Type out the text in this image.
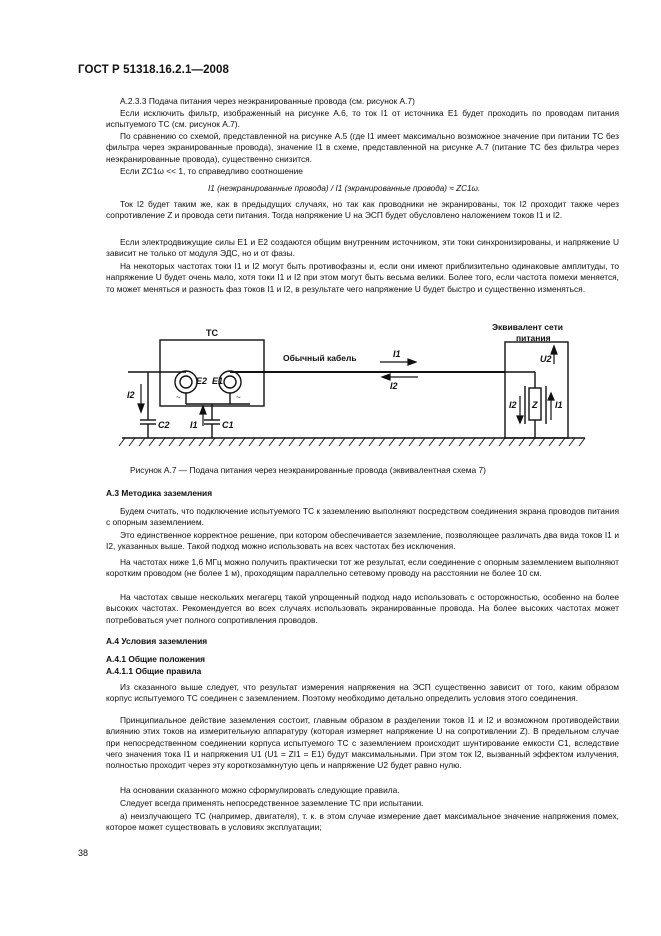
ГОСТ Р 51318.16.2.1—2008
А.2.3.3 Подача питания через неэкранированные провода (см. рисунок А.7)
Если исключить фильтр, изображенный на рисунке А.6, то ток I1 от источника E1 будет проходить по проводам питания испытуемого ТС (см. рисунок А.7).
По сравнению со схемой, представленной на рисунке А.5 (где I1 имеет максимально возможное значение при питании ТС без фильтра через экранированные провода), значение I1 в схеме, представленной на рисунке А.7 (питание ТС без фильтра через неэкранированные провода), существенно снизится.
Если ZC1ω << 1, то справедливо соотношение
I1 (неэкранированные провода) / I1 (экранированные провода) ≈ ZC1ω.
Ток I2 будет таким же, как в предыдущих случаях, но так как проводники не экранированы, ток I2 проходит также через сопротивление Z и провода сети питания. Тогда напряжение U на ЭСП будет обусловлено наложением токов I1 и I2.
Если электродвижущие силы E1 и E2 создаются общим внутренним источником, эти токи синхронизированы, и напряжение U зависит не только от модуля ЭДС, но и от фазы.
На некоторых частотах токи I1 и I2 могут быть противофазны и, если они имеют приблизительно одинаковые амплитуды, то напряжение U будет очень мало, хотя токи I1 и I2 при этом могут быть весьма велики. Более того, если частота помехи меняется, то может меняться и разность фаз токов I1 и I2, в результате чего напряжение U будет быстро и существенно изменяться.
ТС
Обычный кабель
Эквивалент сети
питания
I1
I2
I2
E2 E1
~	~
I1	C1
C2
U2
I2 Z I1
Рисунок А.7 — Подача питания через неэкранированные провода (эквивалентная схема 7)
А.3 Методика заземления
Будем считать, что подключение испытуемого ТС к заземлению выполняют посредством соединения экрана проводов питания с опорным заземлением.
Это единственное корректное решение, при котором обеспечивается заземление, позволяющее различать два вида токов I1 и I2, указанных выше. Такой подход можно использовать на всех частотах без исключения.
На частотах ниже 1,6 МГц можно получить практически тот же результат, если соединение с опорным заземлением выполняют коротким проводом (не более 1 м), проходящим параллельно сетевому проводу на расстоянии не более 10 см.
На частотах свыше нескольких мегагерц такой упрощенный подход надо использовать с осторожностью, особенно на более высоких частотах. Рекомендуется во всех случаях использовать экранированные провода. На более высоких частотах может потребоваться учет полного сопротивления проводов.
А.4 Условия заземления
А.4.1 Общие положения
А.4.1.1 Общие правила
Из сказанного выше следует, что результат измерения напряжения на ЭСП существенно зависит от того, каким образом корпус испытуемого ТС соединен с заземлением. Поэтому необходимо детально определить условия этого соединения.
Принципиальное действие заземления состоит, главным образом в разделении токов I1 и I2 и возможном противодействии влиянию этих токов на измерительную аппаратуру (которая измеряет напряжение U на сопротивлении Z). В предельном случае при непосредственном соединении корпуса испытуемого ТС с заземлением происходит шунтирование емкости C1, вследствие чего значения тока I1 и напряжения U1 (U1 = ZI1 = E1) будут максимальными. При этом ток I2, вызванный эффектом излучения, полностью проходит через эту короткозамкнутую цепь и напряжение U2 будет равно нулю.
На основании сказанного можно сформулировать следующие правила.
Следует всегда применять непосредственное заземление ТС при испытании.
а) неизлучающего ТС (например, двигателя), т. к. в этом случае измерение дает максимальное значение напряжения помех, которое может существовать в условиях эксплуатации;
38
